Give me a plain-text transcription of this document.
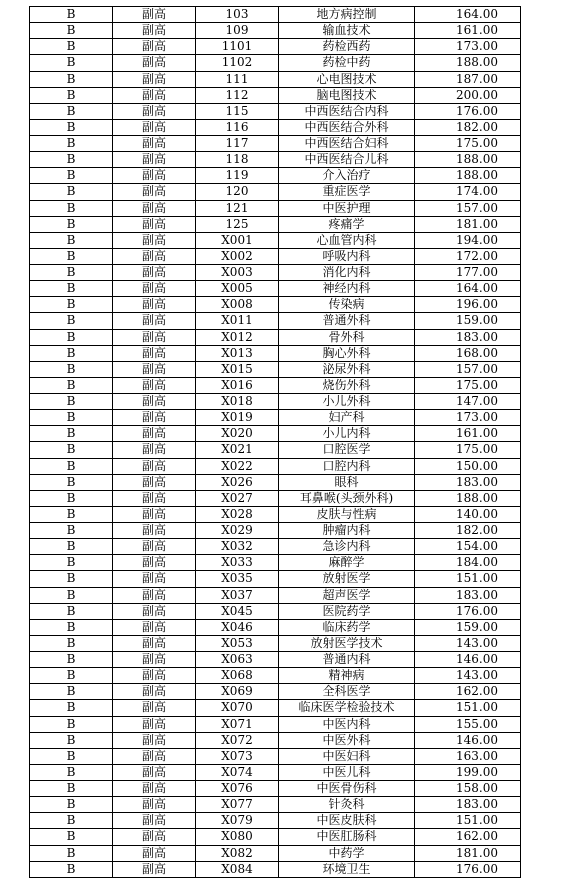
B	副高	103	地方病控制	164.00
B	副高	109	输血技术	161.00
B	副高	1101	药检西药	173.00
B	副高	1102	药检中药	188.00
B	副高	111	心电图技术	187.00
B	副高	112	脑电图技术	200.00
B	副高	115	中西医结合内科	176.00
B	副高	116	中西医结合外科	182.00
B	副高	117	中西医结合妇科	175.00
B	副高	118	中西医结合儿科	188.00
B	副高	119	介入治疗	188.00
B	副高	120	重症医学	174.00
B	副高	121	中医护理	157.00
B	副高	125	疼痛学	181.00
B	副高	X001	心血管内科	194.00
B	副高	X002	呼吸内科	172.00
B	副高	X003	消化内科	177.00
B	副高	X005	神经内科	164.00
B	副高	X008	传染病	196.00
B	副高	X011	普通外科	159.00
B	副高	X012	骨外科	183.00
B	副高	X013	胸心外科	168.00
B	副高	X015	泌尿外科	157.00
B	副高	X016	烧伤外科	175.00
B	副高	X018	小儿外科	147.00
B	副高	X019	妇产科	173.00
B	副高	X020	小儿内科	161.00
B	副高	X021	口腔医学	175.00
B	副高	X022	口腔内科	150.00
B	副高	X026	眼科	183.00
B	副高	X027	耳鼻喉(头颈外科)	188.00
B	副高	X028	皮肤与性病	140.00
B	副高	X029	肿瘤内科	182.00
B	副高	X032	急诊内科	154.00
B	副高	X033	麻醉学	184.00
B	副高	X035	放射医学	151.00
B	副高	X037	超声医学	183.00
B	副高	X045	医院药学	176.00
B	副高	X046	临床药学	159.00
B	副高	X053	放射医学技术	143.00
B	副高	X063	普通内科	146.00
B	副高	X068	精神病	143.00
B	副高	X069	全科医学	162.00
B	副高	X070	临床医学检验技术	151.00
B	副高	X071	中医内科	155.00
B	副高	X072	中医外科	146.00
B	副高	X073	中医妇科	163.00
B	副高	X074	中医儿科	199.00
B	副高	X076	中医骨伤科	158.00
B	副高	X077	针灸科	183.00
B	副高	X079	中医皮肤科	151.00
B	副高	X080	中医肛肠科	162.00
B	副高	X082	中药学	181.00
B	副高	X084	环境卫生	176.00
